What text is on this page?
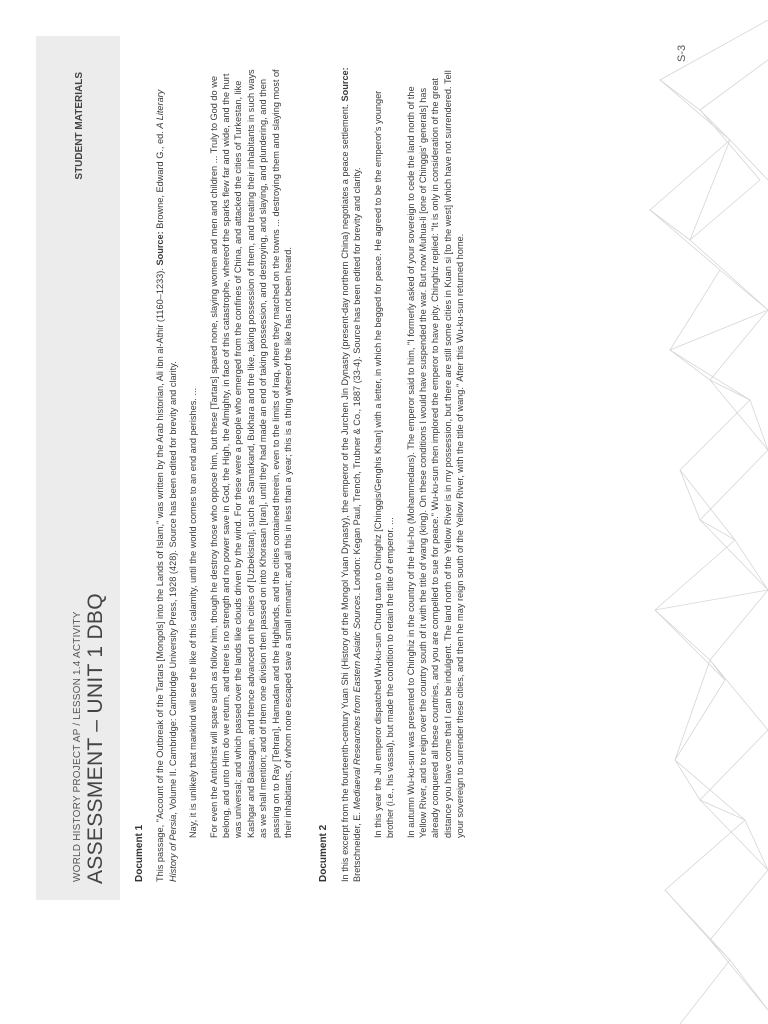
WORLD HISTORY PROJECT AP / LESSON 1.4 ACTIVITY ASSESSMENT – UNIT 1 DBQ
STUDENT MATERIALS
Document 1 This passage, "Account of the Outbreak of the Tartars [Mongols] into the Lands of Islam," was written by the Arab historian, Ali ibn al-Athir (1160–1233). Source: Browne, Edward G., ed. A Literary History of Persia, Volume II. Cambridge: Cambridge University Press, 1928 (428). Source has been edited for brevity and clarity. Nay, it is unlikely that mankind will see the like of this calamity, until the world comes to an end and perishes. ... For even the Antichrist will spare such as follow him, though he destroy those who oppose him, but these [Tartars] spared none, slaying women and men and children ... Truly to God do we belong, and unto Him do we return, and there is no strength and no power save in God, the High, the Almighty, in face of this catastrophe, whereof the sparks flew far and wide, and the hurt was universal; and which passed over the lands like clouds driven by the wind. For these were a people who emerged from the confines of China, and attacked the cities of Turkestan, like Kashgar and Balasagun, and thence advanced on the cities of [Uzbekistan], such as Samarkand, Bukhara and the like, taking possession of them, and treating their inhabitants in such ways as we shall mention; and of them one division then passed on into Khorasan [Iran], until they had made an end of taking possession, and destroying, and slaying, and plundering, and then passing on to Ray [Tehran], Hamadan and the Highlands, and the cities contained therein, even to the limits of Iraq, where they marched on the towns ... destroying them and slaying most of their inhabitants, of whom none escaped save a small remnant; and all this in less than a year; this is a thing whereof the like has not been heard.

Document 2 In this excerpt from the fourteenth-century Yuan Shi (History of the Mongol Yuan Dynasty), the emperor of the Jurchen Jin Dynasty (present-day northern China) negotiates a peace settlement. Source: Bretschneider, E. Mediaeval Researches from Eastern Asiatic Sources. London: Kegan Paul, Trench, Trubner & Co., 1887 (33-4). Source has been edited for brevity and clarity. In this year the Jin emperor dispatched Wu-ku-sun Chung tuan to Chinghiz [Chinggis/Genghis Khan] with a letter, in which he begged for peace. He agreed to be the emperor's younger brother (i.e., his vassal), but made the condition to retain the title of emperor. ... In autumn Wu-ku-sun was presented to Chinghiz in the country of the Hui-ho (Mohammedans). The emperor said to him, "I formerly asked of your sovereign to cede the land north of the Yellow River, and to reign over the country south of it with the title of wang (king). On these conditions I would have suspended the war. But now Muhua-li [one of Chinggis' generals] has already conquered all these countries, and you are compelled to sue for peace." Wu-ku-sun then implored the emperor to have pity. Chinghiz replied: "It is only in consideration of the great distance you have come that I can be indulgent. The land north of the Yellow River is in my possession, but there are still some cities in Kuan si [to the west] which have not surrendered. Tell your sovereign to surrender these cities, and then he may reign south of the Yellow River, with the title of wang." After this Wu-ku-sun returned home.

S-3
